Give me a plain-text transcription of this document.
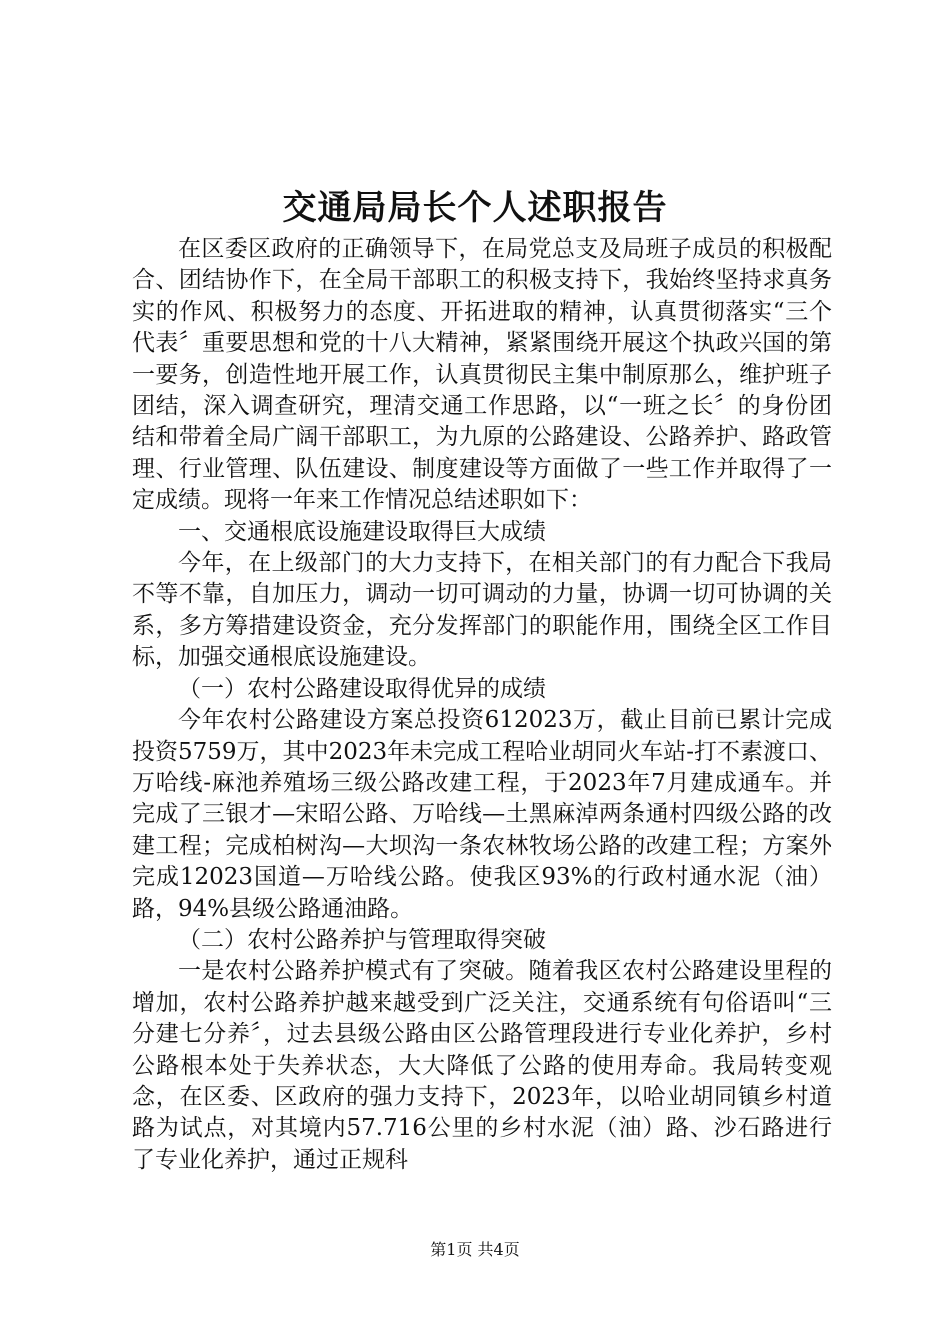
交通局局长个人述职报告

在区委区政府的正确领导下，在局党总支及局班子成员的积极配合、团结协作下，在全局干部职工的积极支持下，我始终坚持求真务实的作风、积极努力的态度、开拓进取的精神，认真贯彻落实“三个代表〞重要思想和党的十八大精神，紧紧围绕开展这个执政兴国的第一要务，创造性地开展工作，认真贯彻民主集中制原那么，维护班子团结，深入调查研究，理清交通工作思路，以“一班之长〞的身份团结和带着全局广阔干部职工，为九原的公路建设、公路养护、路政管理、行业管理、队伍建设、制度建设等方面做了一些工作并取得了一定成绩。现将一年来工作情况总结述职如下：

一、交通根底设施建设取得巨大成绩

今年，在上级部门的大力支持下，在相关部门的有力配合下我局不等不靠，自加压力，调动一切可调动的力量，协调一切可协调的关系，多方筹措建设资金，充分发挥部门的职能作用，围绕全区工作目标，加强交通根底设施建设。

（一）农村公路建设取得优异的成绩

今年农村公路建设方案总投资612023万，截止目前已累计完成投资5759万，其中2023年未完成工程哈业胡同火车站-打不素渡口、万哈线-麻池养殖场三级公路改建工程，于2023年7月建成通车。并完成了三银才—宋昭公路、万哈线—土黑麻淖两条通村四级公路的改建工程；完成柏树沟—大坝沟一条农林牧场公路的改建工程；方案外完成12023国道—万哈线公路。使我区93%的行政村通水泥（油）路，94%县级公路通油路。

（二）农村公路养护与管理取得突破

一是农村公路养护模式有了突破。随着我区农村公路建设里程的增加，农村公路养护越来越受到广泛关注，交通系统有句俗语叫“三分建七分养〞，过去县级公路由区公路管理段进行专业化养护，乡村公路根本处于失养状态，大大降低了公路的使用寿命。我局转变观念，在区委、区政府的强力支持下，2023年，以哈业胡同镇乡村道路为试点，对其境内57.716公里的乡村水泥（油）路、沙石路进行了专业化养护，通过正规科

第1页 共4页
